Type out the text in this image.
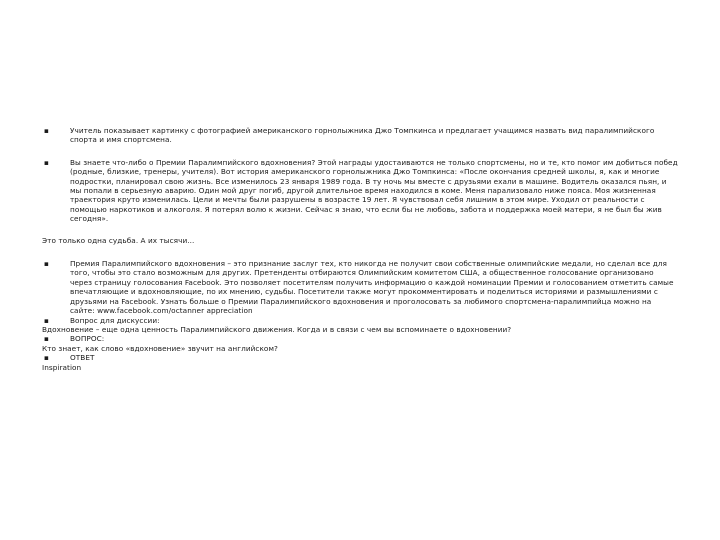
▪	Учитель показывает картинку с фотографией американского горнолыжника Джо Томпкинса и предлагает учащимся назвать вид паралимпийского спорта и имя спортсмена.
▪	Вы знаете что-либо о Премии Паралимпийского вдохновения? Этой награды удостаиваются не только спортсмены, но и те, кто помог им добиться побед (родные, близкие, тренеры, учителя). Вот история американского горнолыжника Джо Томпкинса: «После окончания средней школы, я, как и многие подростки, планировал свою жизнь. Все изменилось 23 января 1989 года. В ту ночь мы вместе с друзьями ехали в машине. Водитель оказался пьян, и мы попали в серьезную аварию. Один мой друг погиб, другой длительное время находился в коме. Меня парализовало ниже пояса. Моя жизненная траектория круто изменилась. Цели и мечты были разрушены в возрасте 19 лет. Я чувствовал себя лишним в этом мире. Уходил от реальности с помощью наркотиков и алкоголя. Я потерял волю к жизни. Сейчас я знаю, что если бы не любовь, забота и поддержка моей матери, я не был бы жив сегодня».
Это только одна судьба. А их тысячи...
▪	Премия Паралимпийского вдохновения – это признание заслуг тех, кто никогда не получит свои собственные олимпийские медали, но сделал все для того, чтобы это стало возможным для других. Претенденты отбираются Олимпийским комитетом США, а общественное голосование организовано через страницу голосования Facebook. Это позволяет посетителям получить информацию о каждой номинации Премии и голосованием отметить самые впечатляющие и вдохновляющие, по их мнению, судьбы. Посетители также могут прокомментировать и поделиться историями и размышлениями с друзьями на Facebook. Узнать больше о Премии Паралимпийского вдохновения и проголосовать за любимого спортсмена-паралимпийца можно на сайте: www.facebook.com/octanner appreciation
▪	Вопрос для дискуссии:
Вдохновение – еще одна ценность Паралимпийского движения. Когда и в связи с чем вы вспоминаете о вдохновении?
▪	ВОПРОС:
Кто знает, как слово «вдохновение» звучит на английском?
▪	ОТВЕТ
Inspiration
